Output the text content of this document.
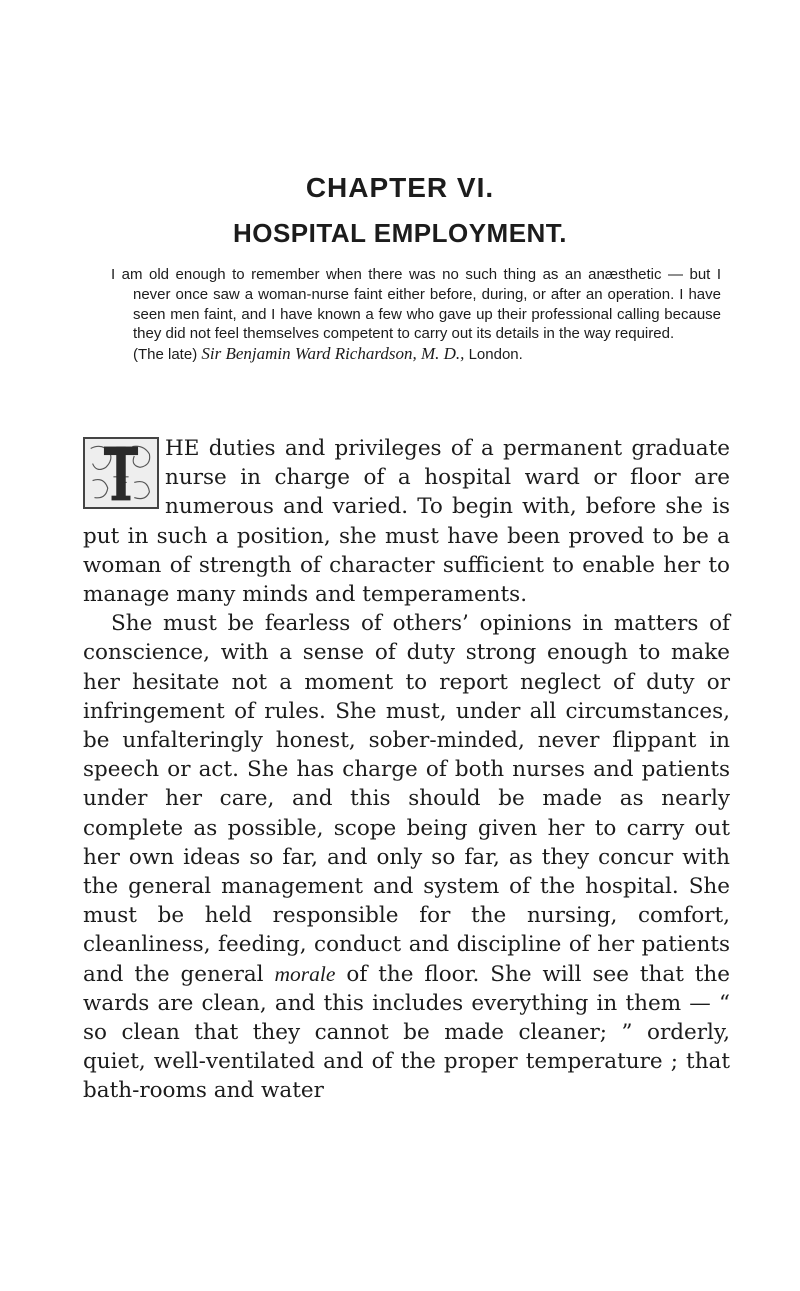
CHAPTER VI.
HOSPITAL EMPLOYMENT.

I am old enough to remember when there was no such thing as an anæsthetic — but I never once saw a woman-nurse faint either before, during, or after an operation. I have seen men faint, and I have known a few who gave up their professional calling because they did not feel themselves competent to carry out its details in the way required.

(The late) Sir Benjamin Ward Richardson, M. D., London.

HE duties and privileges of a permanent graduate nurse in charge of a hospital ward or floor are numerous and varied. To begin with, before she is put in such a position, she must have been proved to be a woman of strength of character sufficient to enable her to manage many minds and temperaments.

She must be fearless of others’ opinions in matters of conscience, with a sense of duty strong enough to make her hesitate not a moment to report neglect of duty or infringement of rules. She must, under all circumstances, be unfalteringly honest, sober-minded, never flippant in speech or act. She has charge of both nurses and patients under her care, and this should be made as nearly complete as possible, scope being given her to carry out her own ideas so far, and only so far, as they concur with the general management and system of the hospital. She must be held responsible for the nursing, comfort, cleanliness, feeding, conduct and discipline of her patients and the general morale of the floor. She will see that the wards are clean, and this includes everything in them — “ so clean that they cannot be made cleaner; ” orderly, quiet, well-ventilated and of the proper temperature ; that bath-rooms and water
